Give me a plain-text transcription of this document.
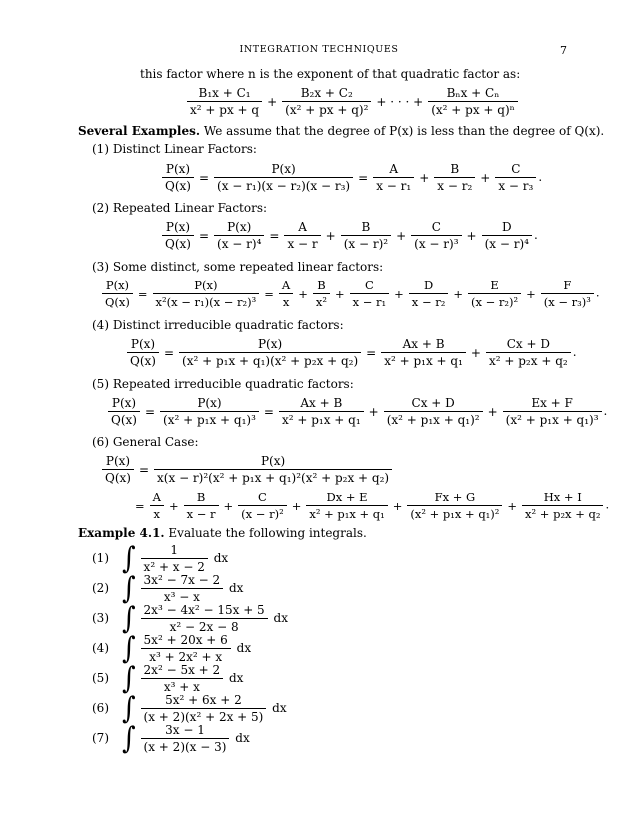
INTEGRATION TECHNIQUES	7
this factor where n is the exponent of that quadratic factor as:
$\frac{\text{B₁x + C₁}}{\text{x² + px + q}} + \frac{\text{B₂x + C₂}}{\text{(x² + px + q)²}}$ + · · · +
Bₙx + Cₙ
(x² + px + q)ⁿ
Several Examples. We assume that the degree of P(x) is less than the degree of Q(x).
(1) Distinct Linear Factors:
$\frac{P(x)}{Q(x)} = \frac{P(x)}{\text{(x − r₁)(x − r₂)(x − r₃)}} = \frac{A}{\text{x − r₁}} + \frac{B}{\text{x − r₂}} + \frac{C}{\text{x − r₃}}$ .
(2) Repeated Linear Factors:
$\frac{P(x)}{Q(x)} = \frac{P(x)}{\text{(x − r)⁴}} = \frac{A}{x - r} + \frac{B}{\text{(x − r)²}} + \frac{C}{\text{(x − r)³}} + \frac{D}{\text{(x − r)⁴}}$ .
(3) Some distinct, some repeated linear factors:
$\frac{P(x)}{Q(x)} = \frac{P(x)}{\text{x²(x − r₁)(x − r₂)³}} = \frac{A}{x} + \frac{B}{\text{x²}} + \frac{C}{\text{x − r₁}} + \frac{D}{\text{x − r₂}} + \frac{E}{\text{(x − r₂)²}} + \frac{F}{\text{(x − r₃)³}}$ .
(4) Distinct irreducible quadratic factors:
$\frac{P(x)}{Q(x)} = \frac{P(x)}{\text{(x² + p₁x + q₁)(x² + p₂x + q₂)}} = \frac{Ax + B}{\text{x² + p₁x + q₁}} + \frac{Cx + D}{\text{x² + p₂x + q₂}}$ .
(5) Repeated irreducible quadratic factors:
$\frac{P(x)}{Q(x)} = \frac{P(x)}{\text{(x² + p₁x + q₁)³}} = \frac{Ax + B}{\text{x² + p₁x + q₁}} + \frac{Cx + D}{\text{(x² + p₁x + q₁)²}} + \frac{Ex + F}{\text{(x² + p₁x + q₁)³}}$ .
(6) General Case:
$\frac{P(x)}{Q(x)} = \frac{P(x)}{\text{x(x − r)²(x² + p₁x + q₁)²(x² + p₂x + q₂)}}$
= $\frac{A}{x} + \frac{B}{x - r} + \frac{C}{\text{(x − r)²}} + \frac{Dx + E}{\text{x² + p₁x + q₁}} + \frac{Fx + G}{\text{(x² + p₁x + q₁)²}} + \frac{Hx + I}{\text{x² + p₂x + q₂}}$ .
Example 4.1. Evaluate the following integrals.
(1) ∫ $\frac{1}{\text{x² + x − 2}}$ dx
(2) ∫ $\frac{\text{3x² − 7x − 2}}{\text{x³ − x}}$ dx
(3) ∫ $\frac{\text{2x³ − 4x² − 15x + 5}}{\text{x² − 2x − 8}}$ dx
(4) ∫ $\frac{\text{5x² + 20x + 6}}{\text{x³ + 2x² + x}}$ dx
(5) ∫ $\frac{\text{2x² − 5x + 2}}{\text{x³ + x}}$ dx
(6) ∫ $\frac{\text{5x² + 6x + 2}}{\text{(x + 2)(x² + 2x + 5)}}$ dx
(7) ∫ $\frac{3x - 1}{(x + 2)(x - 3)}$ dx
